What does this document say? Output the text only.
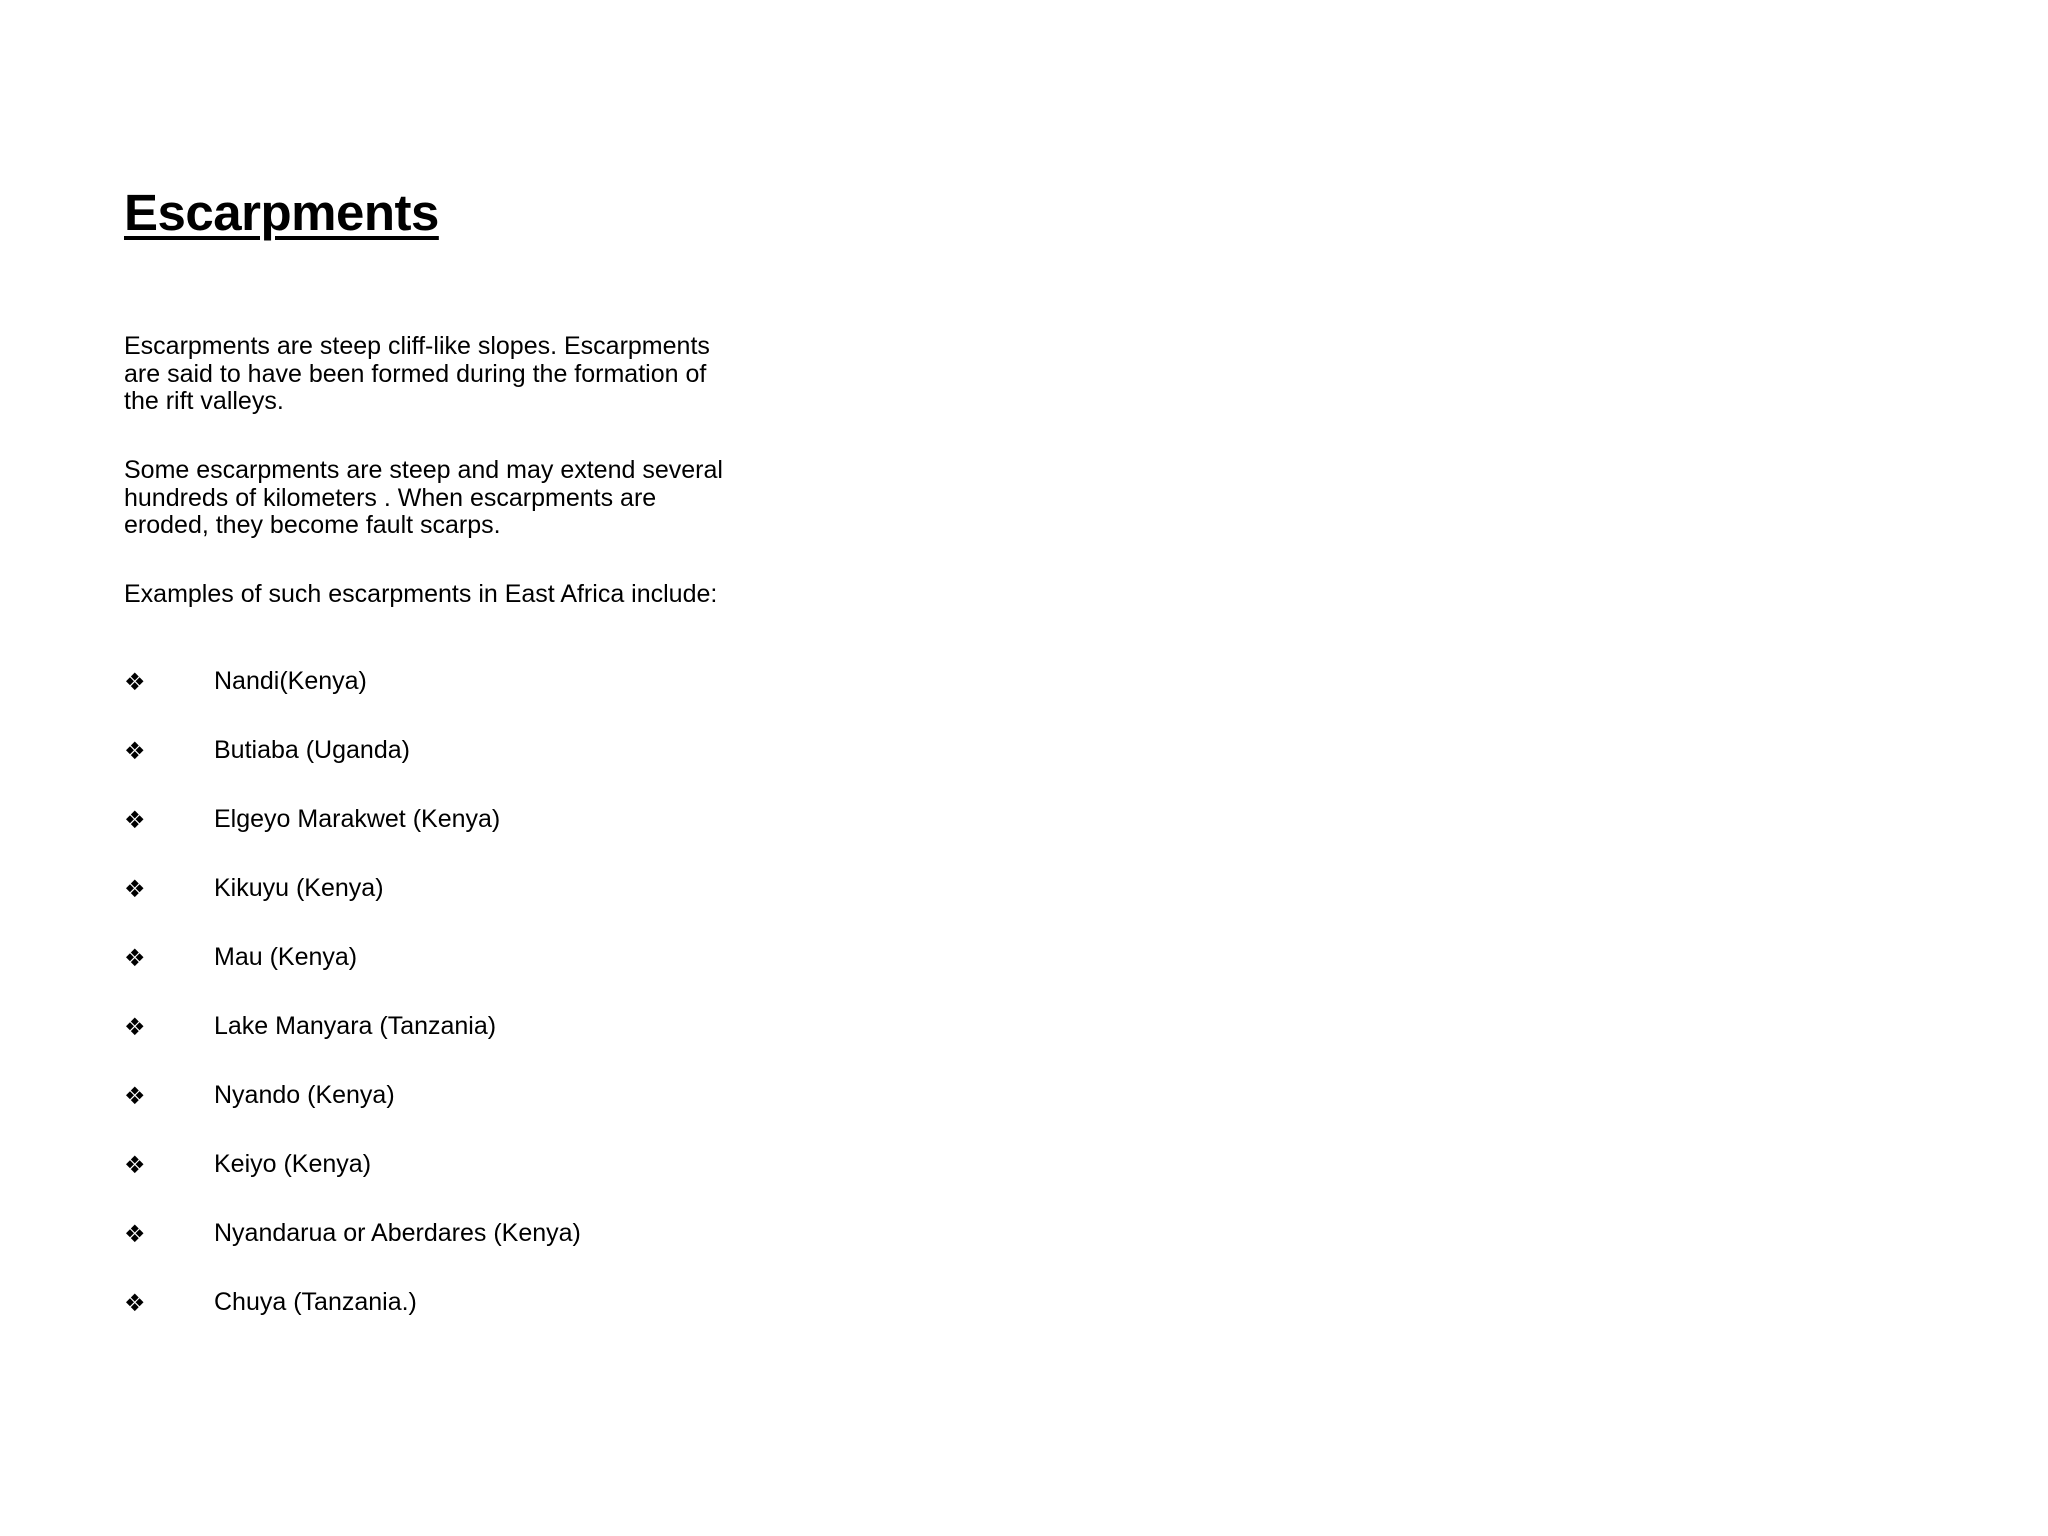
Escarpments

Escarpments are steep cliff-like slopes. Escarpments
are said to have been formed during the formation of
the rift valleys.

Some escarpments are steep and may extend several
hundreds of kilometers . When escarpments are
eroded, they become fault scarps.

Examples of such escarpments in East Africa include:

❖	Nandi(Kenya)
❖	Butiaba (Uganda)
❖	Elgeyo Marakwet (Kenya)
❖	Kikuyu (Kenya)
❖	Mau (Kenya)
❖	Lake Manyara (Tanzania)
❖	Nyando (Kenya)
❖	Keiyo (Kenya)
❖	Nyandarua or Aberdares (Kenya)
❖	Chuya (Tanzania.)
